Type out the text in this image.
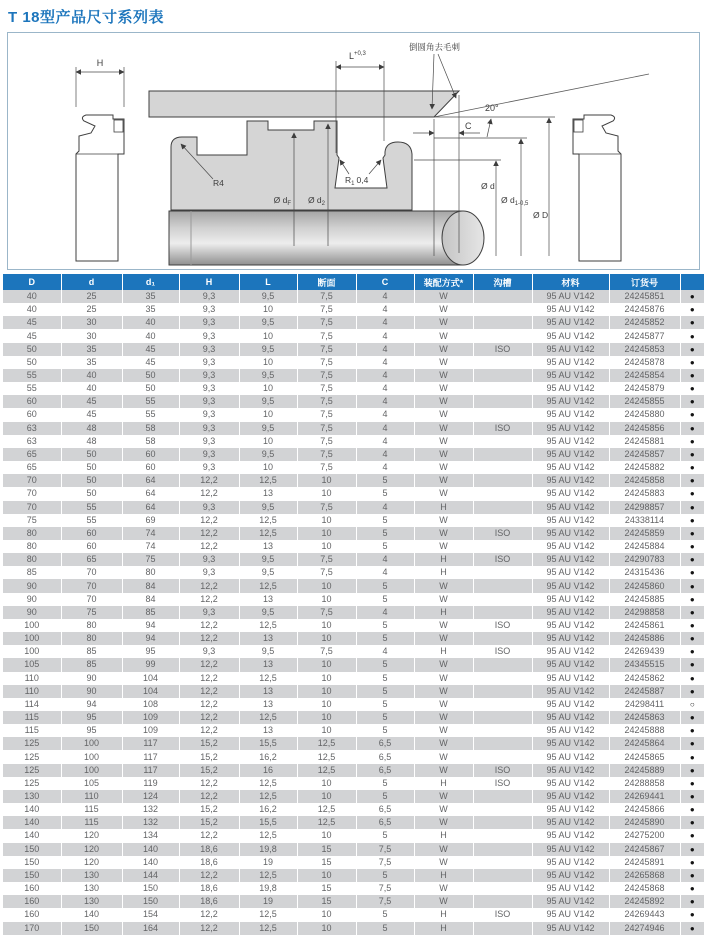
T 18型产品尺寸系列表
H
$L^{+0,3}$
倒圆角去毛刺
20°
C
R4	$R_1$ 0,4
Ø $d_F$ Ø $d_2$
Ø d
Ø $d_{1-0,5}$
Ø D
D	d	d₁	H	L	断面	C	装配方式*	沟槽	材料	订货号	
40	25	35	9,3	9,5	7,5	4	W		95 AU V142	24245851	●
40	25	35	9,3	10	7,5	4	W		95 AU V142	24245876	●
45	30	40	9,3	9,5	7,5	4	W		95 AU V142	24245852	●
45	30	40	9,3	10	7,5	4	W		95 AU V142	24245877	●
50	35	45	9,3	9,5	7,5	4	W	ISO	95 AU V142	24245853	●
50	35	45	9,3	10	7,5	4	W		95 AU V142	24245878	●
55	40	50	9,3	9,5	7,5	4	W		95 AU V142	24245854	●
55	40	50	9,3	10	7,5	4	W		95 AU V142	24245879	●
60	45	55	9,3	9,5	7,5	4	W		95 AU V142	24245855	●
60	45	55	9,3	10	7,5	4	W		95 AU V142	24245880	●
63	48	58	9,3	9,5	7,5	4	W	ISO	95 AU V142	24245856	●
63	48	58	9,3	10	7,5	4	W		95 AU V142	24245881	●
65	50	60	9,3	9,5	7,5	4	W		95 AU V142	24245857	●
65	50	60	9,3	10	7,5	4	W		95 AU V142	24245882	●
70	50	64	12,2	12,5	10	5	W		95 AU V142	24245858	●
70	50	64	12,2	13	10	5	W		95 AU V142	24245883	●
70	55	64	9,3	9,5	7,5	4	H		95 AU V142	24298857	●
75	55	69	12,2	12,5	10	5	W		95 AU V142	24338114	●
80	60	74	12,2	12,5	10	5	W	ISO	95 AU V142	24245859	●
80	60	74	12,2	13	10	5	W		95 AU V142	24245884	●
80	65	75	9,3	9,5	7,5	4	H	ISO	95 AU V142	24290783	●
85	70	80	9,3	9,5	7,5	4	H		95 AU V142	24315436	●
90	70	84	12,2	12,5	10	5	W		95 AU V142	24245860	●
90	70	84	12,2	13	10	5	W		95 AU V142	24245885	●
90	75	85	9,3	9,5	7,5	4	H		95 AU V142	24298858	●
100	80	94	12,2	12,5	10	5	W	ISO	95 AU V142	24245861	●
100	80	94	12,2	13	10	5	W		95 AU V142	24245886	●
100	85	95	9,3	9,5	7,5	4	H	ISO	95 AU V142	24269439	●
105	85	99	12,2	13	10	5	W		95 AU V142	24345515	●
110	90	104	12,2	12,5	10	5	W		95 AU V142	24245862	●
110	90	104	12,2	13	10	5	W		95 AU V142	24245887	●
114	94	108	12,2	13	10	5	W		95 AU V142	24298411	○
115	95	109	12,2	12,5	10	5	W		95 AU V142	24245863	●
115	95	109	12,2	13	10	5	W		95 AU V142	24245888	●
125	100	117	15,2	15,5	12,5	6,5	W		95 AU V142	24245864	●
125	100	117	15,2	16,2	12,5	6,5	W		95 AU V142	24245865	●
125	100	117	15,2	16	12,5	6,5	W	ISO	95 AU V142	24245889	●
125	105	119	12,2	12,5	10	5	H	ISO	95 AU V142	24288858	●
130	110	124	12,2	12,5	10	5	W		95 AU V142	24269441	●
140	115	132	15,2	16,2	12,5	6,5	W		95 AU V142	24245866	●
140	115	132	15,2	15,5	12,5	6,5	W		95 AU V142	24245890	●
140	120	134	12,2	12,5	10	5	H		95 AU V142	24275200	●
150	120	140	18,6	19,8	15	7,5	W		95 AU V142	24245867	●
150	120	140	18,6	19	15	7,5	W		95 AU V142	24245891	●
150	130	144	12,2	12,5	10	5	H		95 AU V142	24265868	●
160	130	150	18,6	19,8	15	7,5	W		95 AU V142	24245868	●
160	130	150	18,6	19	15	7,5	W		95 AU V142	24245892	●
160	140	154	12,2	12,5	10	5	H	ISO	95 AU V142	24269443	●
170	150	164	12,2	12,5	10	5	H		95 AU V142	24274946	●
